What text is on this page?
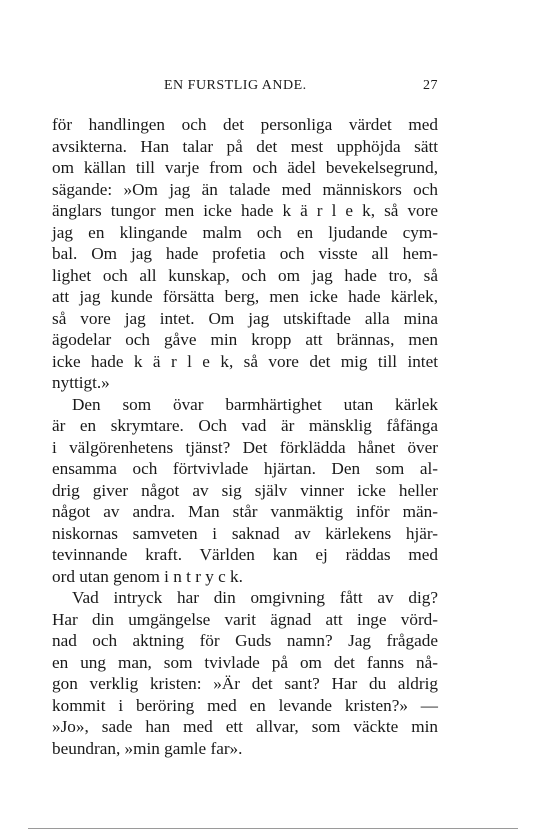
EN FURSTLIG ANDE.	27
för handlingen och det personliga värdet med
avsikterna. Han talar på det mest upphöjda sätt
om källan till varje from och ädel bevekelsegrund,
sägande: »Om jag än talade med människors och
änglars tungor men icke hade k ä r l e k, så vore
jag en klingande malm och en ljudande cym-
bal. Om jag hade profetia och visste all hem-
lighet och all kunskap, och om jag hade tro, så
att jag kunde försätta berg, men icke hade kärlek,
så vore jag intet. Om jag utskiftade alla mina
ägodelar och gåve min kropp att brännas, men
icke hade k ä r l e k, så vore det mig till intet
nyttigt.»
Den som övar barmhärtighet utan kärlek
är en skrymtare. Och vad är mänsklig fåfänga
i välgörenhetens tjänst? Det förklädda hånet över
ensamma och förtvivlade hjärtan. Den som al-
drig giver något av sig själv vinner icke heller
något av andra. Man står vanmäktig inför män-
niskornas samveten i saknad av kärlekens hjär-
tevinnande kraft. Världen kan ej räddas med
ord utan genom i n t r y c k.
Vad intryck har din omgivning fått av dig?
Har din umgängelse varit ägnad att inge vörd-
nad och aktning för Guds namn? Jag frågade
en ung man, som tvivlade på om det fanns nå-
gon verklig kristen: »Är det sant? Har du aldrig
kommit i beröring med en levande kristen?» —
»Jo», sade han med ett allvar, som väckte min
beundran, »min gamle far».
